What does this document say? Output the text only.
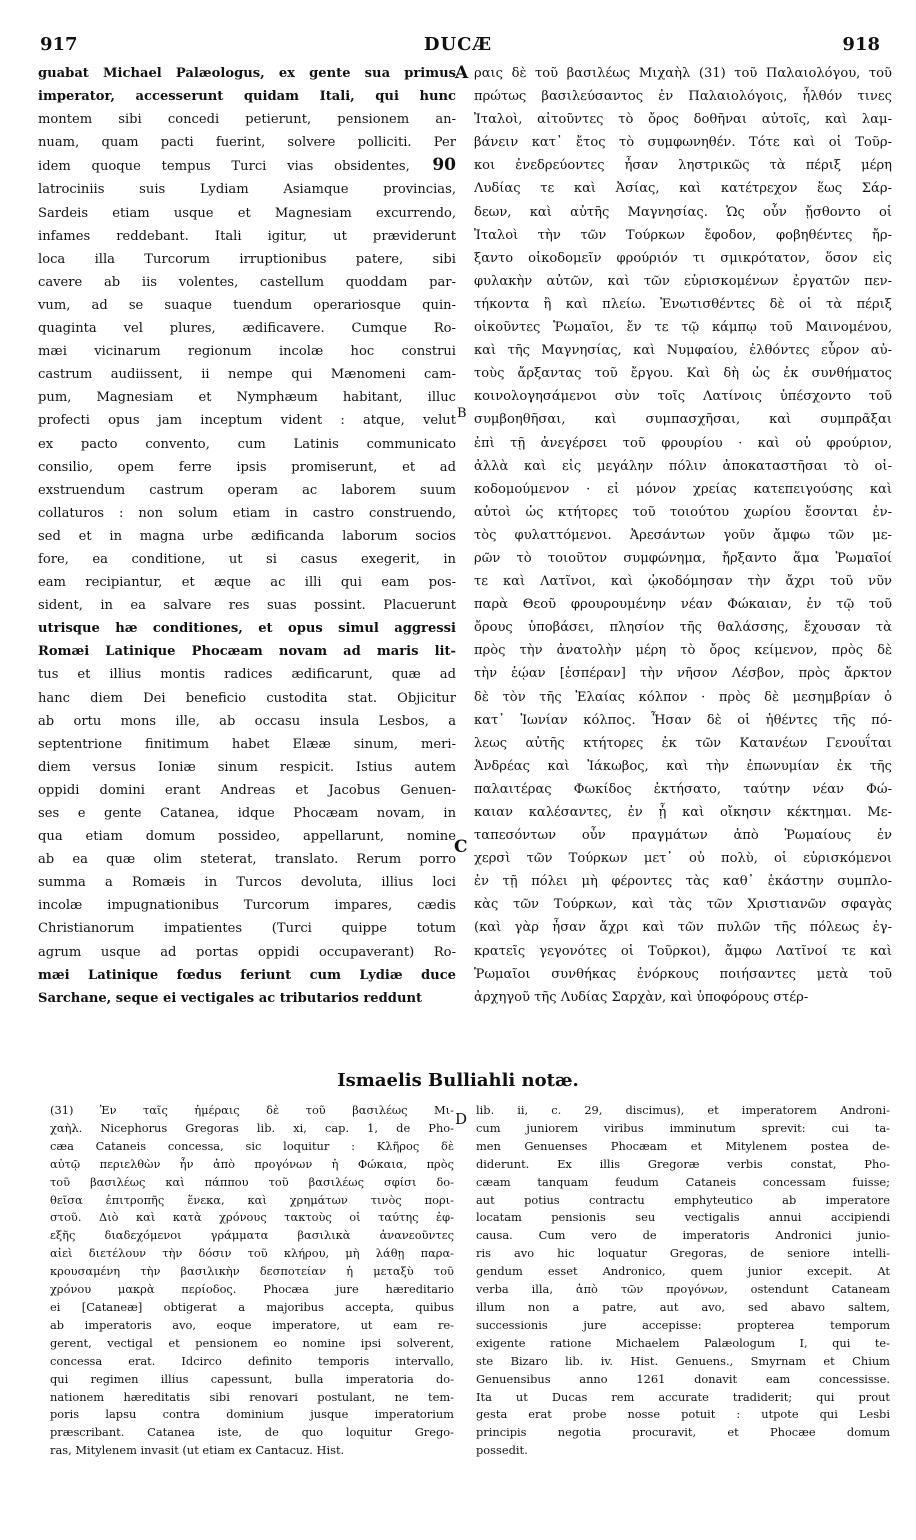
917	DUCÆ	918
A
B
C
D
guabat Michael Palæologus, ex gente sua primus
imperator, accesserunt quidam Itali, qui hunc
montem sibi concedi petierunt, pensionem an-
nuam, quam pacti fuerint, solvere polliciti. Per
idem quoque tempus Turci vias obsidentes, 90
latrociniis suis Lydiam Asiamque provincias,
Sardeis etiam usque et Magnesiam excurrendo,
infames reddebant. Itali igitur, ut præviderunt
loca illa Turcorum irruptionibus patere, sibi
cavere ab iis volentes, castellum quoddam par-
vum, ad se suaque tuendum operariosque quin-
quaginta vel plures, ædificavere. Cumque Ro-
mæi vicinarum regionum incolæ hoc construi
castrum audiissent, ii nempe qui Mænomeni cam-
pum, Magnesiam et Nymphæum habitant, illuc
profecti opus jam inceptum vident : atque, velut
ex pacto convento, cum Latinis communicato
consilio, opem ferre ipsis promiserunt, et ad
exstruendum castrum operam ac laborem suum
collaturos : non solum etiam in castro construendo,
sed et in magna urbe ædificanda laborum socios
fore, ea conditione, ut si casus exegerit, in
eam recipiantur, et æque ac illi qui eam pos-
sident, in ea salvare res suas possint. Placuerunt
utrisque hæ conditiones, et opus simul aggressi
Romæi Latinique Phocæam novam ad maris lit-
tus et illius montis radices ædificarunt, quæ ad
hanc diem Dei beneficio custodita stat. Objicitur
ab ortu mons ille, ab occasu insula Lesbos, a
septentrione finitimum habet Elææ sinum, meri-
diem versus Ioniæ sinum respicit. Istius autem
oppidi domini erant Andreas et Jacobus Genuen-
ses e gente Catanea, idque Phocæam novam, in
qua etiam domum possideo, appellarunt, nomine
ab ea quæ olim steterat, translato. Rerum porro
summa a Romæis in Turcos devoluta, illius loci
incolæ impugnationibus Turcorum impares, cædis
Christianorum impatientes (Turci quippe totum
agrum usque ad portas oppidi occupaverant) Ro-
mæi Latinique fœdus feriunt cum Lydiæ duce
Sarchane, seque ei vectigales ac tributarios reddunt
ραις δὲ τοῦ βασιλέως Μιχαὴλ (31) τοῦ Παλαιολόγου, τοῦ
πρώτως βασιλεύσαντος ἐν Παλαιολόγοις, ἦλθόν τινες
Ἰταλοὶ, αἰτοῦντες τὸ ὄρος δοθῆναι αὐτοῖς, καὶ λαμ-
βάνειν κατ᾽ ἔτος τὸ συμφωνηθέν. Τότε καὶ οἱ Τοῦρ-
κοι ἐνεδρεύοντες ἦσαν ληστρικῶς τὰ πέριξ μέρη
Λυδίας τε καὶ Ἀσίας, καὶ κατέτρεχον ἕως Σάρ-
δεων, καὶ αὐτῆς Μαγνησίας. Ὡς οὖν ᾔσθοντο οἱ
Ἰταλοὶ τὴν τῶν Τούρκων ἔφοδον, φοβηθέντες ἤρ-
ξαντο οἰκοδομεῖν φρούριόν τι σμικρότατον, ὅσον εἰς
φυλακὴν αὐτῶν, καὶ τῶν εὑρισκομένων ἐργατῶν πεν-
τήκοντα ἢ καὶ πλείω. Ἐνωτισθέντες δὲ οἱ τὰ πέριξ
οἰκοῦντες Ῥωμαῖοι, ἔν τε τῷ κάμπῳ τοῦ Μαινομένου,
καὶ τῆς Μαγνησίας, καὶ Νυμφαίου, ἐλθόντες εὗρον αὐ-
τοὺς ἄρξαντας τοῦ ἔργου. Καὶ δὴ ὡς ἐκ συνθήματος
κοινολογησάμενοι σὺν τοῖς Λατίνοις ὑπέσχοντο τοῦ
συμβοηθῆσαι, καὶ συμπασχῆσαι, καὶ συμπρᾶξαι
ἐπὶ τῇ ἀνεγέρσει τοῦ φρουρίου · καὶ οὐ φρούριον,
ἀλλὰ καὶ εἰς μεγάλην πόλιν ἀποκαταστῆσαι τὸ οἰ-
κοδομούμενον · εἰ μόνον χρείας κατεπειγούσης καὶ
αὐτοὶ ὡς κτήτορες τοῦ τοιούτου χωρίου ἔσονται ἐν-
τὸς φυλαττόμενοι. Ἀρεσάντων γοῦν ἄμφω τῶν με-
ρῶν τὸ τοιοῦτον συμφώνημα, ἤρξαντο ἅμα Ῥωμαῖοί
τε καὶ Λατῖνοι, καὶ ᾠκοδόμησαν τὴν ἄχρι τοῦ νῦν
παρὰ Θεοῦ φρουρουμένην νέαν Φώκαιαν, ἐν τῷ τοῦ
ὄρους ὑποβάσει, πλησίον τῆς θαλάσσης, ἔχουσαν τὰ
πρὸς τὴν ἀνατολὴν μέρη τὸ ὄρος κείμενον, πρὸς δὲ
τὴν ἑῴαν [ἑσπέραν] τὴν νῆσον Λέσβον, πρὸς ἄρκτον
δὲ τὸν τῆς Ἐλαίας κόλπον · πρὸς δὲ μεσημβρίαν ὁ
κατ᾽ Ἰωνίαν κόλπος. Ἦσαν δὲ οἱ ἡθέντες τῆς πό-
λεως αὐτῆς κτήτορες ἐκ τῶν Κατανέων Γενουΐται
Ἀνδρέας καὶ Ἰάκωβος, καὶ τὴν ἐπωνυμίαν ἐκ τῆς
παλαιτέρας Φωκίδος ἐκτήσατο, ταύτην νέαν Φώ-
καιαν καλέσαντες, ἐν ᾗ καὶ οἴκησιν κέκτημαι. Με-
ταπεσόντων οὖν πραγμάτων ἀπὸ Ῥωμαίους ἐν
χερσὶ τῶν Τούρκων μετ᾽ οὐ πολὺ, οἱ εὑρισκόμενοι
ἐν τῇ πόλει μὴ φέροντες τὰς καθ᾽ ἑκάστην συμπλο-
κὰς τῶν Τούρκων, καὶ τὰς τῶν Χριστιανῶν σφαγὰς
(καὶ γὰρ ἦσαν ἄχρι καὶ τῶν πυλῶν τῆς πόλεως ἐγ-
κρατεῖς γεγονότες οἱ Τοῦρκοι), ἄμφω Λατῖνοί τε καὶ
Ῥωμαῖοι συνθήκας ἐνόρκους ποιήσαντες μετὰ τοῦ
ἀρχηγοῦ τῆς Λυδίας Σαρχὰν, καὶ ὑποφόρους στέρ-
Ismaelis Bulliahli notæ.
(31) Ἐν ταῖς ἡμέραις δὲ τοῦ βασιλέως Μι-
χαὴλ. Nicephorus Gregoras lib. xi, cap. 1, de Pho-
cæa Cataneis concessa, sic loquitur : Κλῆρος δὲ
αὐτῷ περιελθὼν ἦν ἀπὸ προγόνων ἡ Φώκαια, πρὸς
τοῦ βασιλέως καὶ πάππου τοῦ βασιλέως σφίσι δο-
θεῖσα ἐπιτροπῆς ἕνεκα, καὶ χρημάτων τινὸς πορι-
στοῦ. Διὸ καὶ κατὰ χρόνους τακτοὺς οἱ ταύτης ἐφ-
εξῆς διαδεχόμενοι γράμματα βασιλικὰ ἀνανεοῦντες
αἰεὶ διετέλουν τὴν δόσιν τοῦ κλήρου, μὴ λάθῃ παρα-
κρουσαμένη τὴν βασιλικὴν δεσποτείαν ἡ μεταξὺ τοῦ
χρόνου μακρὰ περίοδος. Phocæa jure hæreditario
ei [Cataneæ] obtigerat a majoribus accepta, quibus
ab imperatoris avo, eoque imperatore, ut eam re-
gerent, vectigal et pensionem eo nomine ipsi solverent,
concessa erat. Idcirco definito temporis intervallo,
qui regimen illius capessunt, bulla imperatoria do-
nationem hæreditatis sibi renovari postulant, ne tem-
poris lapsu contra dominium jusque imperatorium
præscribant. Catanea iste, de quo loquitur Grego-
ras, Mitylenem invasit (ut etiam ex Cantacuz. Hist.
lib. ii, c. 29, discimus), et imperatorem Androni-
cum juniorem viribus imminutum sprevit: cui ta-
men Genuenses Phocæam et Mitylenem postea de-
diderunt. Ex illis Gregoræ verbis constat, Pho-
cæam tanquam feudum Cataneis concessam fuisse;
aut potius contractu emphyteutico ab imperatore
locatam pensionis seu vectigalis annui accipiendi
causa. Cum vero de imperatoris Andronici junio-
ris avo hic loquatur Gregoras, de seniore intelli-
gendum esset Andronico, quem junior excepit. At
verba illa, ἀπὸ τῶν προγόνων, ostendunt Cataneam
illum non a patre, aut avo, sed abavo saltem,
successionis jure accepisse: propterea temporum
exigente ratione Michaelem Palæologum I, qui te-
ste Bizaro lib. iv. Hist. Genuens., Smyrnam et Chium
Genuensibus anno 1261 donavit eam concessisse.
Ita ut Ducas rem accurate tradiderit; qui prout
gesta erat probe nosse potuit : utpote qui Lesbi
principis negotia procuravit, et Phocæe domum
possedit.
